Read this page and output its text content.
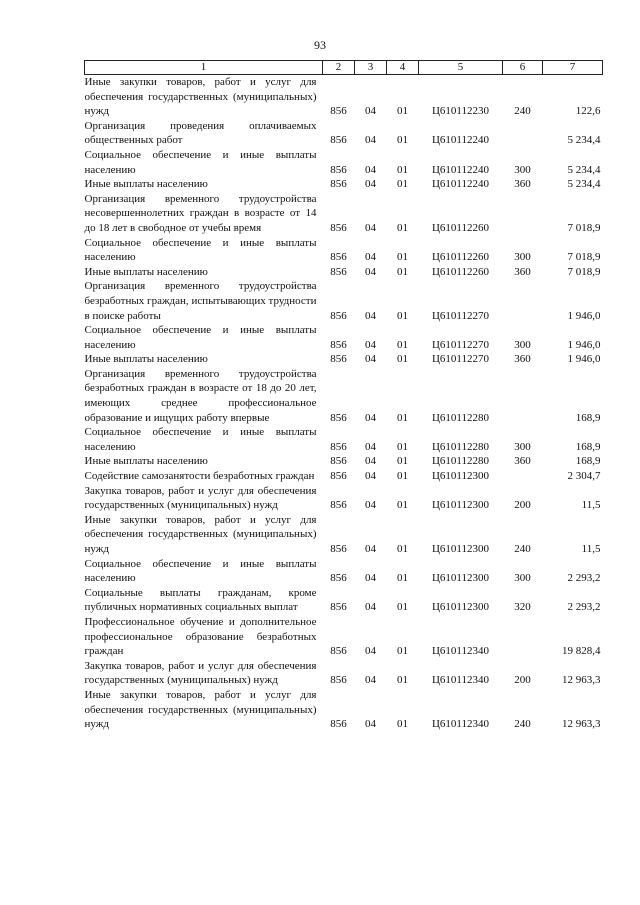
93
1	2	3	4	5	6	7
Иные закупки товаров, работ и услуг для обеспечения государственных (муниципальных) нужд	856	04	01	Ц610112230	240	122,6
Организация проведения оплачиваемых общественных работ	856	04	01	Ц610112240		5 234,4
Социальное обеспечение и иные выплаты населению	856	04	01	Ц610112240	300	5 234,4
Иные выплаты населению	856	04	01	Ц610112240	360	5 234,4
Организация временного трудоустройства несовершеннолетних граждан в возрасте от 14 до 18 лет в свободное от учебы время	856	04	01	Ц610112260		7 018,9
Социальное обеспечение и иные выплаты населению	856	04	01	Ц610112260	300	7 018,9
Иные выплаты населению	856	04	01	Ц610112260	360	7 018,9
Организация временного трудоустройства безработных граждан, испытывающих трудности в поиске работы	856	04	01	Ц610112270		1 946,0
Социальное обеспечение и иные выплаты населению	856	04	01	Ц610112270	300	1 946,0
Иные выплаты населению	856	04	01	Ц610112270	360	1 946,0
Организация временного трудоустройства безработных граждан в возрасте от 18 до 20 лет, имеющих среднее профессиональное образование и ищущих работу впервые	856	04	01	Ц610112280		168,9
Социальное обеспечение и иные выплаты населению	856	04	01	Ц610112280	300	168,9
Иные выплаты населению	856	04	01	Ц610112280	360	168,9
Содействие самозанятости безработных граждан	856	04	01	Ц610112300		2 304,7
Закупка товаров, работ и услуг для обеспечения государственных (муниципальных) нужд	856	04	01	Ц610112300	200	11,5
Иные закупки товаров, работ и услуг для обеспечения государственных (муниципальных) нужд	856	04	01	Ц610112300	240	11,5
Социальное обеспечение и иные выплаты населению	856	04	01	Ц610112300	300	2 293,2
Социальные выплаты гражданам, кроме публичных нормативных социальных выплат	856	04	01	Ц610112300	320	2 293,2
Профессиональное обучение и дополнительное профессиональное образование безработных граждан	856	04	01	Ц610112340		19 828,4
Закупка товаров, работ и услуг для обеспечения государственных (муниципальных) нужд	856	04	01	Ц610112340	200	12 963,3
Иные закупки товаров, работ и услуг для обеспечения государственных (муниципальных) нужд	856	04	01	Ц610112340	240	12 963,3
